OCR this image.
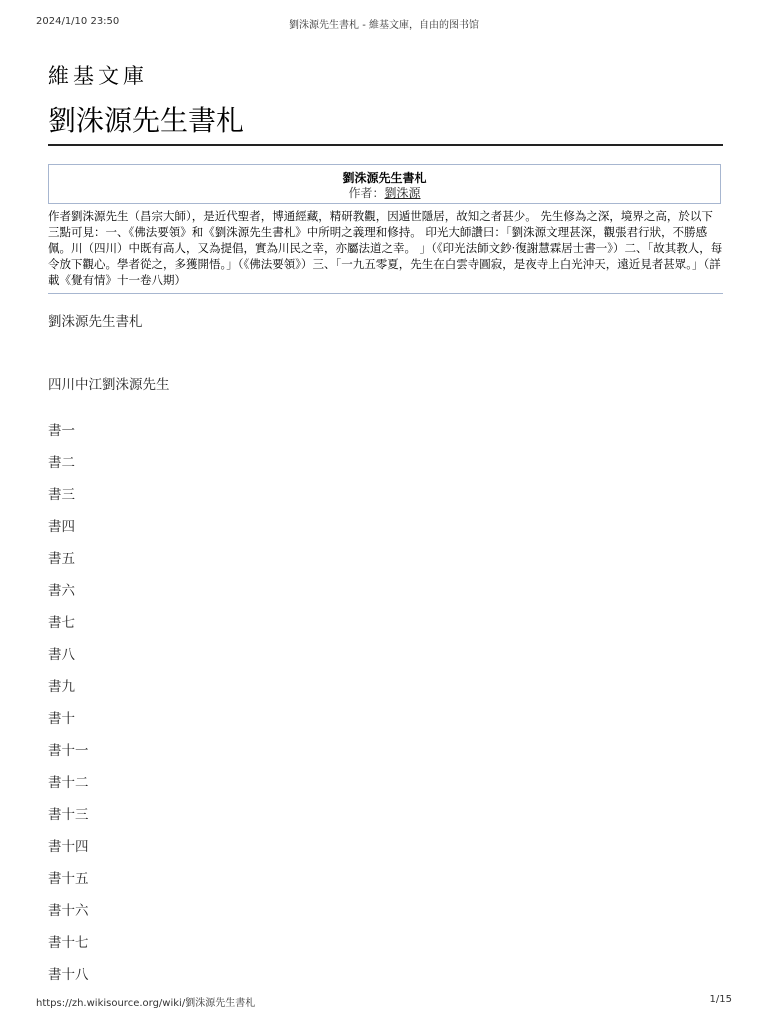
2024/1/10 23:50	劉洙源先生書札 - 維基文庫，自由的图书馆
維基文庫
劉洙源先生書札
劉洙源先生書札
作者：劉洙源
作者劉洙源先生（昌宗大師），是近代聖者，博通經藏，精研教觀，因遁世隱居，故知之者甚少。 先生修為之深，境界之高，於以下三點可見：一、《佛法要領》和《劉洙源先生書札》中所明之義理和修持。 印光大師讚曰：「劉洙源文理甚深，觀張君行狀，不勝感佩。川（四川）中既有高人，又為提倡，實為川民之幸，亦屬法道之幸。 」（《印光法師文鈔·復謝慧霖居士書一》）二、「故其教人，每令放下觀心。學者從之，多獲開悟。」（《佛法要領》）三、「一九五零夏，先生在白雲寺圓寂，是夜寺上白光沖天，遠近見者甚眾。」（詳載《覺有情》十一卷八期）
劉洙源先生書札
四川中江劉洙源先生
書一
書二
書三
書四
書五
書六
書七
書八
書九
書十
書十一
書十二
書十三
書十四
書十五
書十六
書十七
書十八
https://zh.wikisource.org/wiki/劉洙源先生書札	1/15
